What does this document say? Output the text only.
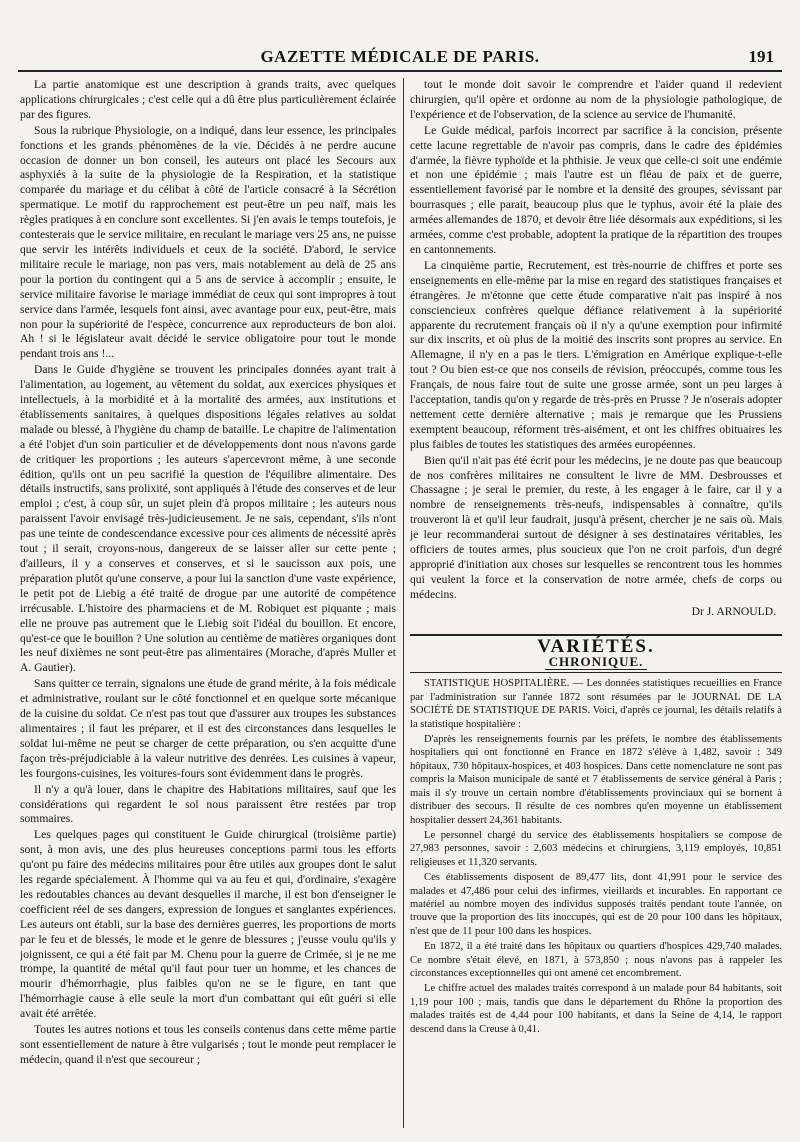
GAZETTE MÉDICALE DE PARIS.	191

La partie anatomique est une description à grands traits, avec quelques applications chirurgicales ; c'est celle qui a dû être plus particulièrement éclairée par des figures.

Sous la rubrique Physiologie, on a indiqué, dans leur essence, les principales fonctions et les grands phénomènes de la vie. Décidés à ne perdre aucune occasion de donner un bon conseil, les auteurs ont placé les Secours aux asphyxiés à la suite de la physiologie de la Respiration, et la statistique comparée du mariage et du célibat à côté de l'article consacré à la Sécrétion spermatique. Le motif du rapprochement est peut-être un peu naïf, mais les règles pratiques à en conclure sont excellentes. Si j'en avais le temps toutefois, je contesterais que le service militaire, en reculant le mariage vers 25 ans, ne puisse que servir les intérêts individuels et ceux de la société. D'abord, le service militaire recule le mariage, non pas vers, mais notablement au delà de 25 ans pour la portion du contingent qui a 5 ans de service à accomplir ; ensuite, le service militaire favorise le mariage immédiat de ceux qui sont impropres à tout service dans l'armée, lesquels font ainsi, avec avantage pour eux, peut-être, mais non pour la supériorité de l'espèce, concurrence aux reproducteurs de bon aloi. Ah ! si le législateur avait décidé le service obligatoire pour tout le monde pendant trois ans !...

Dans le Guide d'hygiène se trouvent les principales données ayant trait à l'alimentation, au logement, au vêtement du soldat, aux exercices physiques et intellectuels, à la morbidité et à la mortalité des armées, aux institutions et établissements sanitaires, à quelques dispositions légales relatives au soldat malade ou blessé, à l'hygiène du champ de bataille. Le chapitre de l'alimentation a été l'objet d'un soin particulier et de développements dont nous n'avons garde de critiquer les proportions ; les auteurs s'apercevront même, à une seconde édition, qu'ils ont un peu sacrifié la question de l'équilibre alimentaire. Des détails instructifs, sans prolixité, sont appliqués à l'étude des conserves et de leur emploi ; c'est, à coup sûr, un sujet plein d'à propos militaire ; les auteurs nous paraissent l'avoir envisagé très-judicieusement. Je ne sais, cependant, s'ils n'ont pas une teinte de condescendance excessive pour ces aliments de nécessité après tout ; il serait, croyons-nous, dangereux de se laisser aller sur cette pente ; d'ailleurs, il y a conserves et conserves, et si le saucisson aux pois, une préparation plutôt qu'une conserve, a pour lui la sanction d'une vaste expérience, le petit pot de Liebig a été traité de drogue par une autorité de compétence irrécusable. L'histoire des pharmaciens et de M. Robiquet est piquante ; mais elle ne prouve pas autrement que le Liebig soit l'idéal du bouillon. Et encore, qu'est-ce que le bouillon ? Une solution au centième de matières organiques dont les neuf dixièmes ne sont peut-être pas alimentaires (Morache, d'après Muller et A. Gautier).

Sans quitter ce terrain, signalons une étude de grand mérite, à la fois médicale et administrative, roulant sur le côté fonctionnel et en quelque sorte mécanique de la cuisine du soldat. Ce n'est pas tout que d'assurer aux troupes les substances alimentaires ; il faut les préparer, et il est des circonstances dans lesquelles le soldat lui-même ne peut se charger de cette préparation, ou s'en acquitte d'une façon très-préjudiciable à la valeur nutritive des denrées. Les cuisines à vapeur, les fourgons-cuisines, les voitures-fours sont évidemment dans le progrès.

Il n'y a qu'à louer, dans le chapitre des Habitations militaires, sauf que les considérations qui regardent le sol nous paraissent être restées par trop sommaires.

Les quelques pages qui constituent le Guide chirurgical (troisième partie) sont, à mon avis, une des plus heureuses conceptions parmi tous les efforts qu'ont pu faire des médecins militaires pour être utiles aux groupes dont le salut les regarde spécialement. À l'homme qui va au feu et qui, d'ordinaire, s'exagère les redoutables chances au devant desquelles il marche, il est bon d'enseigner le coefficient réel de ses dangers, expression de longues et sanglantes expériences. Les auteurs ont établi, sur la base des dernières guerres, les proportions de morts par le feu et de blessés, le mode et le genre de blessures ; j'eusse voulu qu'ils y joignissent, ce qui a été fait par M. Chenu pour la guerre de Crimée, si je ne me trompe, la quantité de métal qu'il faut pour tuer un homme, et les chances de mourir d'hémorrhagie, plus faibles qu'on ne se le figure, en tant que l'hémorrhagie cause à elle seule la mort d'un combattant qui eût guéri si elle avait été arrêtée.

Toutes les autres notions et tous les conseils contenus dans cette même partie sont essentiellement de nature à être vulgarisés ; tout le monde peut remplacer le médecin, quand il n'est que secoureur ;

tout le monde doit savoir le comprendre et l'aider quand il redevient chirurgien, qu'il opère et ordonne au nom de la physiologie pathologique, de l'expérience et de l'observation, de la science au service de l'humanité.

Le Guide médical, parfois incorrect par sacrifice à la concision, présente cette lacune regrettable de n'avoir pas compris, dans le cadre des épidémies d'armée, la fièvre typhoïde et la phthisie. Je veux que celle-ci soit une endémie et non une épidémie ; mais l'autre est un fléau de paix et de guerre, essentiellement favorisé par le nombre et la densité des groupes, sévissant par bourrasques ; elle parait, beaucoup plus que le typhus, avoir été la plaie des armées allemandes de 1870, et devoir être liée désormais aux expéditions, si les armées, comme c'est probable, adoptent la pratique de la répartition des troupes en cantonnements.

La cinquième partie, Recrutement, est très-nourrie de chiffres et porte ses enseignements en elle-même par la mise en regard des statistiques françaises et étrangères. Je m'étonne que cette étude comparative n'ait pas inspiré à nos consciencieux confrères quelque défiance relativement à la supériorité apparente du recrutement français où il n'y a qu'une exemption pour infirmité sur dix inscrits, et où plus de la moitié des inscrits sont propres au service. En Allemagne, il n'y en a pas le tiers. L'émigration en Amérique explique-t-elle tout ? Ou bien est-ce que nos conseils de révision, préoccupés, comme tous les Français, de nous faire tout de suite une grosse armée, sont un peu larges à l'acceptation, tandis qu'on y regarde de très-près en Prusse ? Je n'oserais adopter nettement cette dernière alternative ; mais je remarque que les Prussiens exemptent beaucoup, réforment très-aisément, et ont les chiffres obituaires les plus faibles de toutes les statistiques des armées européennes.

Bien qu'il n'ait pas été écrit pour les médecins, je ne doute pas que beaucoup de nos confrères militaires ne consultent le livre de MM. Desbrousses et Chassagne ; je serai le premier, du reste, à les engager à le faire, car il y a nombre de renseignements très-neufs, indispensables à connaître, qu'ils trouveront là et qu'il leur faudrait, jusqu'à présent, chercher je ne sais où. Mais je leur recommanderai surtout de désigner à ses destinataires véritables, les officiers de toutes armes, plus soucieux que l'on ne croit parfois, d'un degré approprié d'initiation aux choses sur lesquelles se rencontrent tous les hommes qui veulent la force et la conservation de notre armée, chefs de corps ou médecins.

Dr J. ARNOULD.
VARIÉTÉS.
CHRONIQUE.

STATISTIQUE HOSPITALIÈRE. — Les données statistiques recueillies en France par l'administration sur l'année 1872 sont résumées par le JOURNAL DE LA SOCIÉTÉ DE STATISTIQUE DE PARIS. Voici, d'après ce journal, les détails relatifs à la statistique hospitalière :

D'après les renseignements fournis par les préfets, le nombre des établissements hospitaliers qui ont fonctionné en France en 1872 s'élève à 1,482, savoir : 349 hôpitaux, 730 hôpitaux-hospices, et 403 hospices. Dans cette nomenclature ne sont pas compris la Maison municipale de santé et 7 établissements de service général à Paris ; mais il s'y trouve un certain nombre d'établissements provinciaux qui se bornent à distribuer des secours. Il résulte de ces nombres qu'en moyenne un établissement hospitalier dessert 24,361 habitants.

Le personnel chargé du service des établissements hospitaliers se compose de 27,983 personnes, savoir : 2,603 médecins et chirurgiens, 3,119 employés, 10,851 religieuses et 11,320 servants.

Ces établissements disposent de 89,477 lits, dont 41,991 pour le service des malades et 47,486 pour celui des infirmes, vieillards et incurables. En rapportant ce matériel au nombre moyen des individus supposés traités pendant toute l'année, on trouve que la proportion des lits inoccupés, qui est de 20 pour 100 dans les hôpitaux, n'est que de 11 pour 100 dans les hospices.

En 1872, il a été traité dans les hôpitaux ou quartiers d'hospices 429,740 malades. Ce nombre s'était élevé, en 1871, à 573,850 ; nous n'avons pas à rappeler les circonstances exceptionnelles qui ont amené cet encombrement.

Le chiffre actuel des malades traités correspond à un malade pour 84 habitants, soit 1,19 pour 100 ; mais, tandis que dans le département du Rhône la proportion des malades traités est de 4,44 pour 100 habitants, et dans la Seine de 4,14, le rapport descend dans la Creuse à 0,41.
